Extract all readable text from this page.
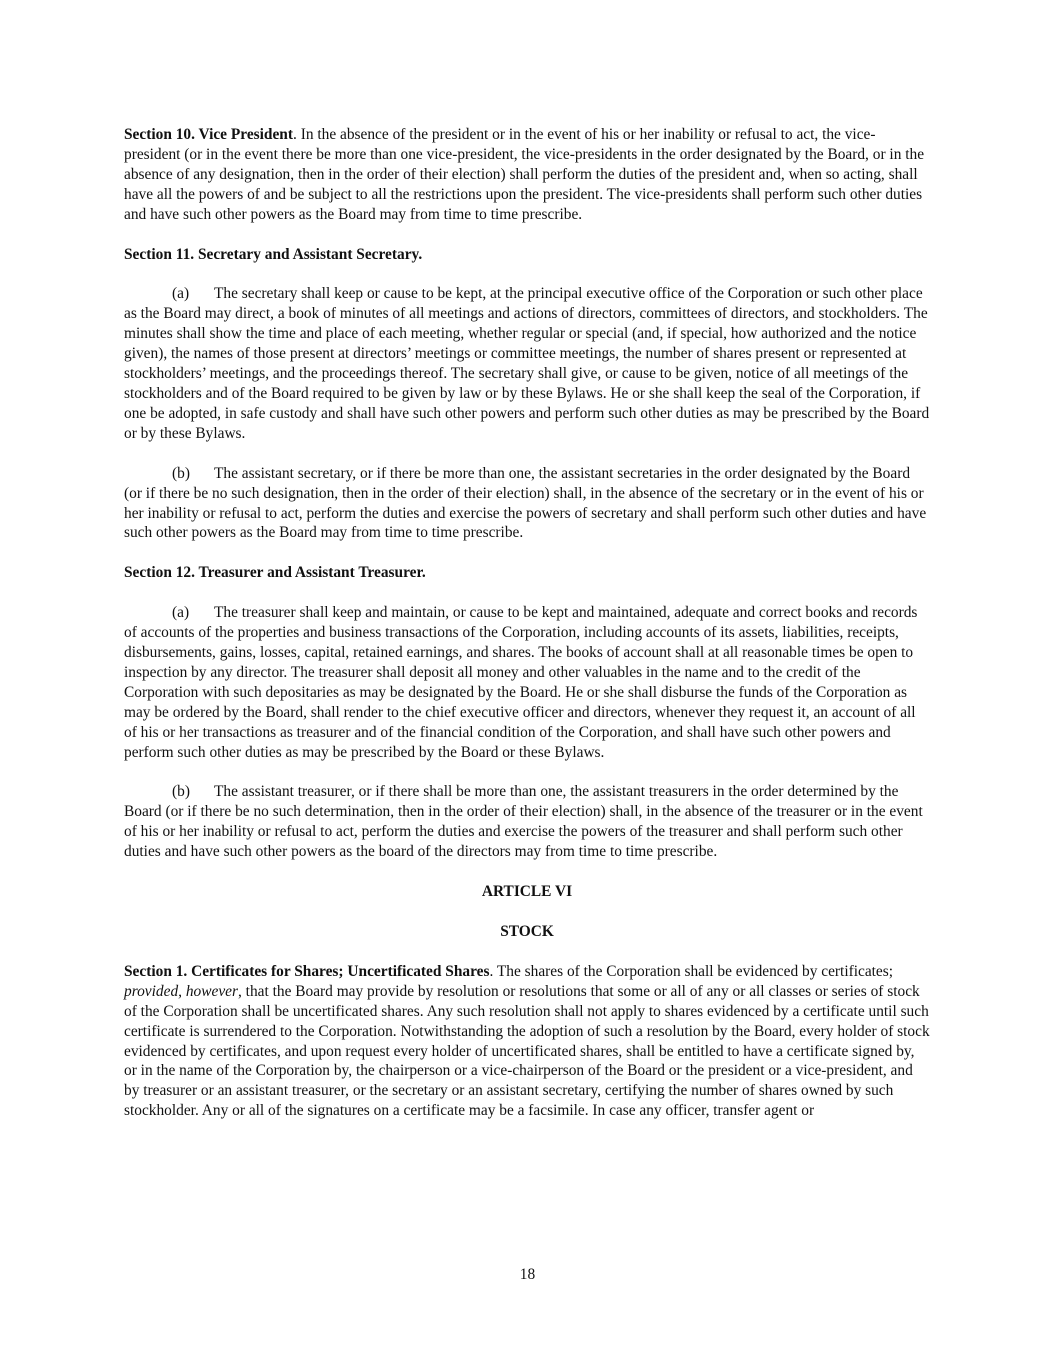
Section 10. Vice President. In the absence of the president or in the event of his or her inability or refusal to act, the vice-president (or in the event there be more than one vice-president, the vice-presidents in the order designated by the Board, or in the absence of any designation, then in the order of their election) shall perform the duties of the president and, when so acting, shall have all the powers of and be subject to all the restrictions upon the president. The vice-presidents shall perform such other duties and have such other powers as the Board may from time to time prescribe.

Section 11. Secretary and Assistant Secretary.

(a) The secretary shall keep or cause to be kept, at the principal executive office of the Corporation or such other place as the Board may direct, a book of minutes of all meetings and actions of directors, committees of directors, and stockholders. The minutes shall show the time and place of each meeting, whether regular or special (and, if special, how authorized and the notice given), the names of those present at directors’ meetings or committee meetings, the number of shares present or represented at stockholders’ meetings, and the proceedings thereof. The secretary shall give, or cause to be given, notice of all meetings of the stockholders and of the Board required to be given by law or by these Bylaws. He or she shall keep the seal of the Corporation, if one be adopted, in safe custody and shall have such other powers and perform such other duties as may be prescribed by the Board or by these Bylaws.

(b) The assistant secretary, or if there be more than one, the assistant secretaries in the order designated by the Board (or if there be no such designation, then in the order of their election) shall, in the absence of the secretary or in the event of his or her inability or refusal to act, perform the duties and exercise the powers of secretary and shall perform such other duties and have such other powers as the Board may from time to time prescribe.

Section 12. Treasurer and Assistant Treasurer.

(a) The treasurer shall keep and maintain, or cause to be kept and maintained, adequate and correct books and records of accounts of the properties and business transactions of the Corporation, including accounts of its assets, liabilities, receipts, disbursements, gains, losses, capital, retained earnings, and shares. The books of account shall at all reasonable times be open to inspection by any director. The treasurer shall deposit all money and other valuables in the name and to the credit of the Corporation with such depositaries as may be designated by the Board. He or she shall disburse the funds of the Corporation as may be ordered by the Board, shall render to the chief executive officer and directors, whenever they request it, an account of all of his or her transactions as treasurer and of the financial condition of the Corporation, and shall have such other powers and perform such other duties as may be prescribed by the Board or these Bylaws.

(b) The assistant treasurer, or if there shall be more than one, the assistant treasurers in the order determined by the Board (or if there be no such determination, then in the order of their election) shall, in the absence of the treasurer or in the event of his or her inability or refusal to act, perform the duties and exercise the powers of the treasurer and shall perform such other duties and have such other powers as the board of the directors may from time to time prescribe.

ARTICLE VI

STOCK

Section 1. Certificates for Shares; Uncertificated Shares. The shares of the Corporation shall be evidenced by certificates; provided, however, that the Board may provide by resolution or resolutions that some or all of any or all classes or series of stock of the Corporation shall be uncertificated shares. Any such resolution shall not apply to shares evidenced by a certificate until such certificate is surrendered to the Corporation. Notwithstanding the adoption of such a resolution by the Board, every holder of stock evidenced by certificates, and upon request every holder of uncertificated shares, shall be entitled to have a certificate signed by, or in the name of the Corporation by, the chairperson or a vice-chairperson of the Board or the president or a vice-president, and by treasurer or an assistant treasurer, or the secretary or an assistant secretary, certifying the number of shares owned by such stockholder. Any or all of the signatures on a certificate may be a facsimile. In case any officer, transfer agent or

18
